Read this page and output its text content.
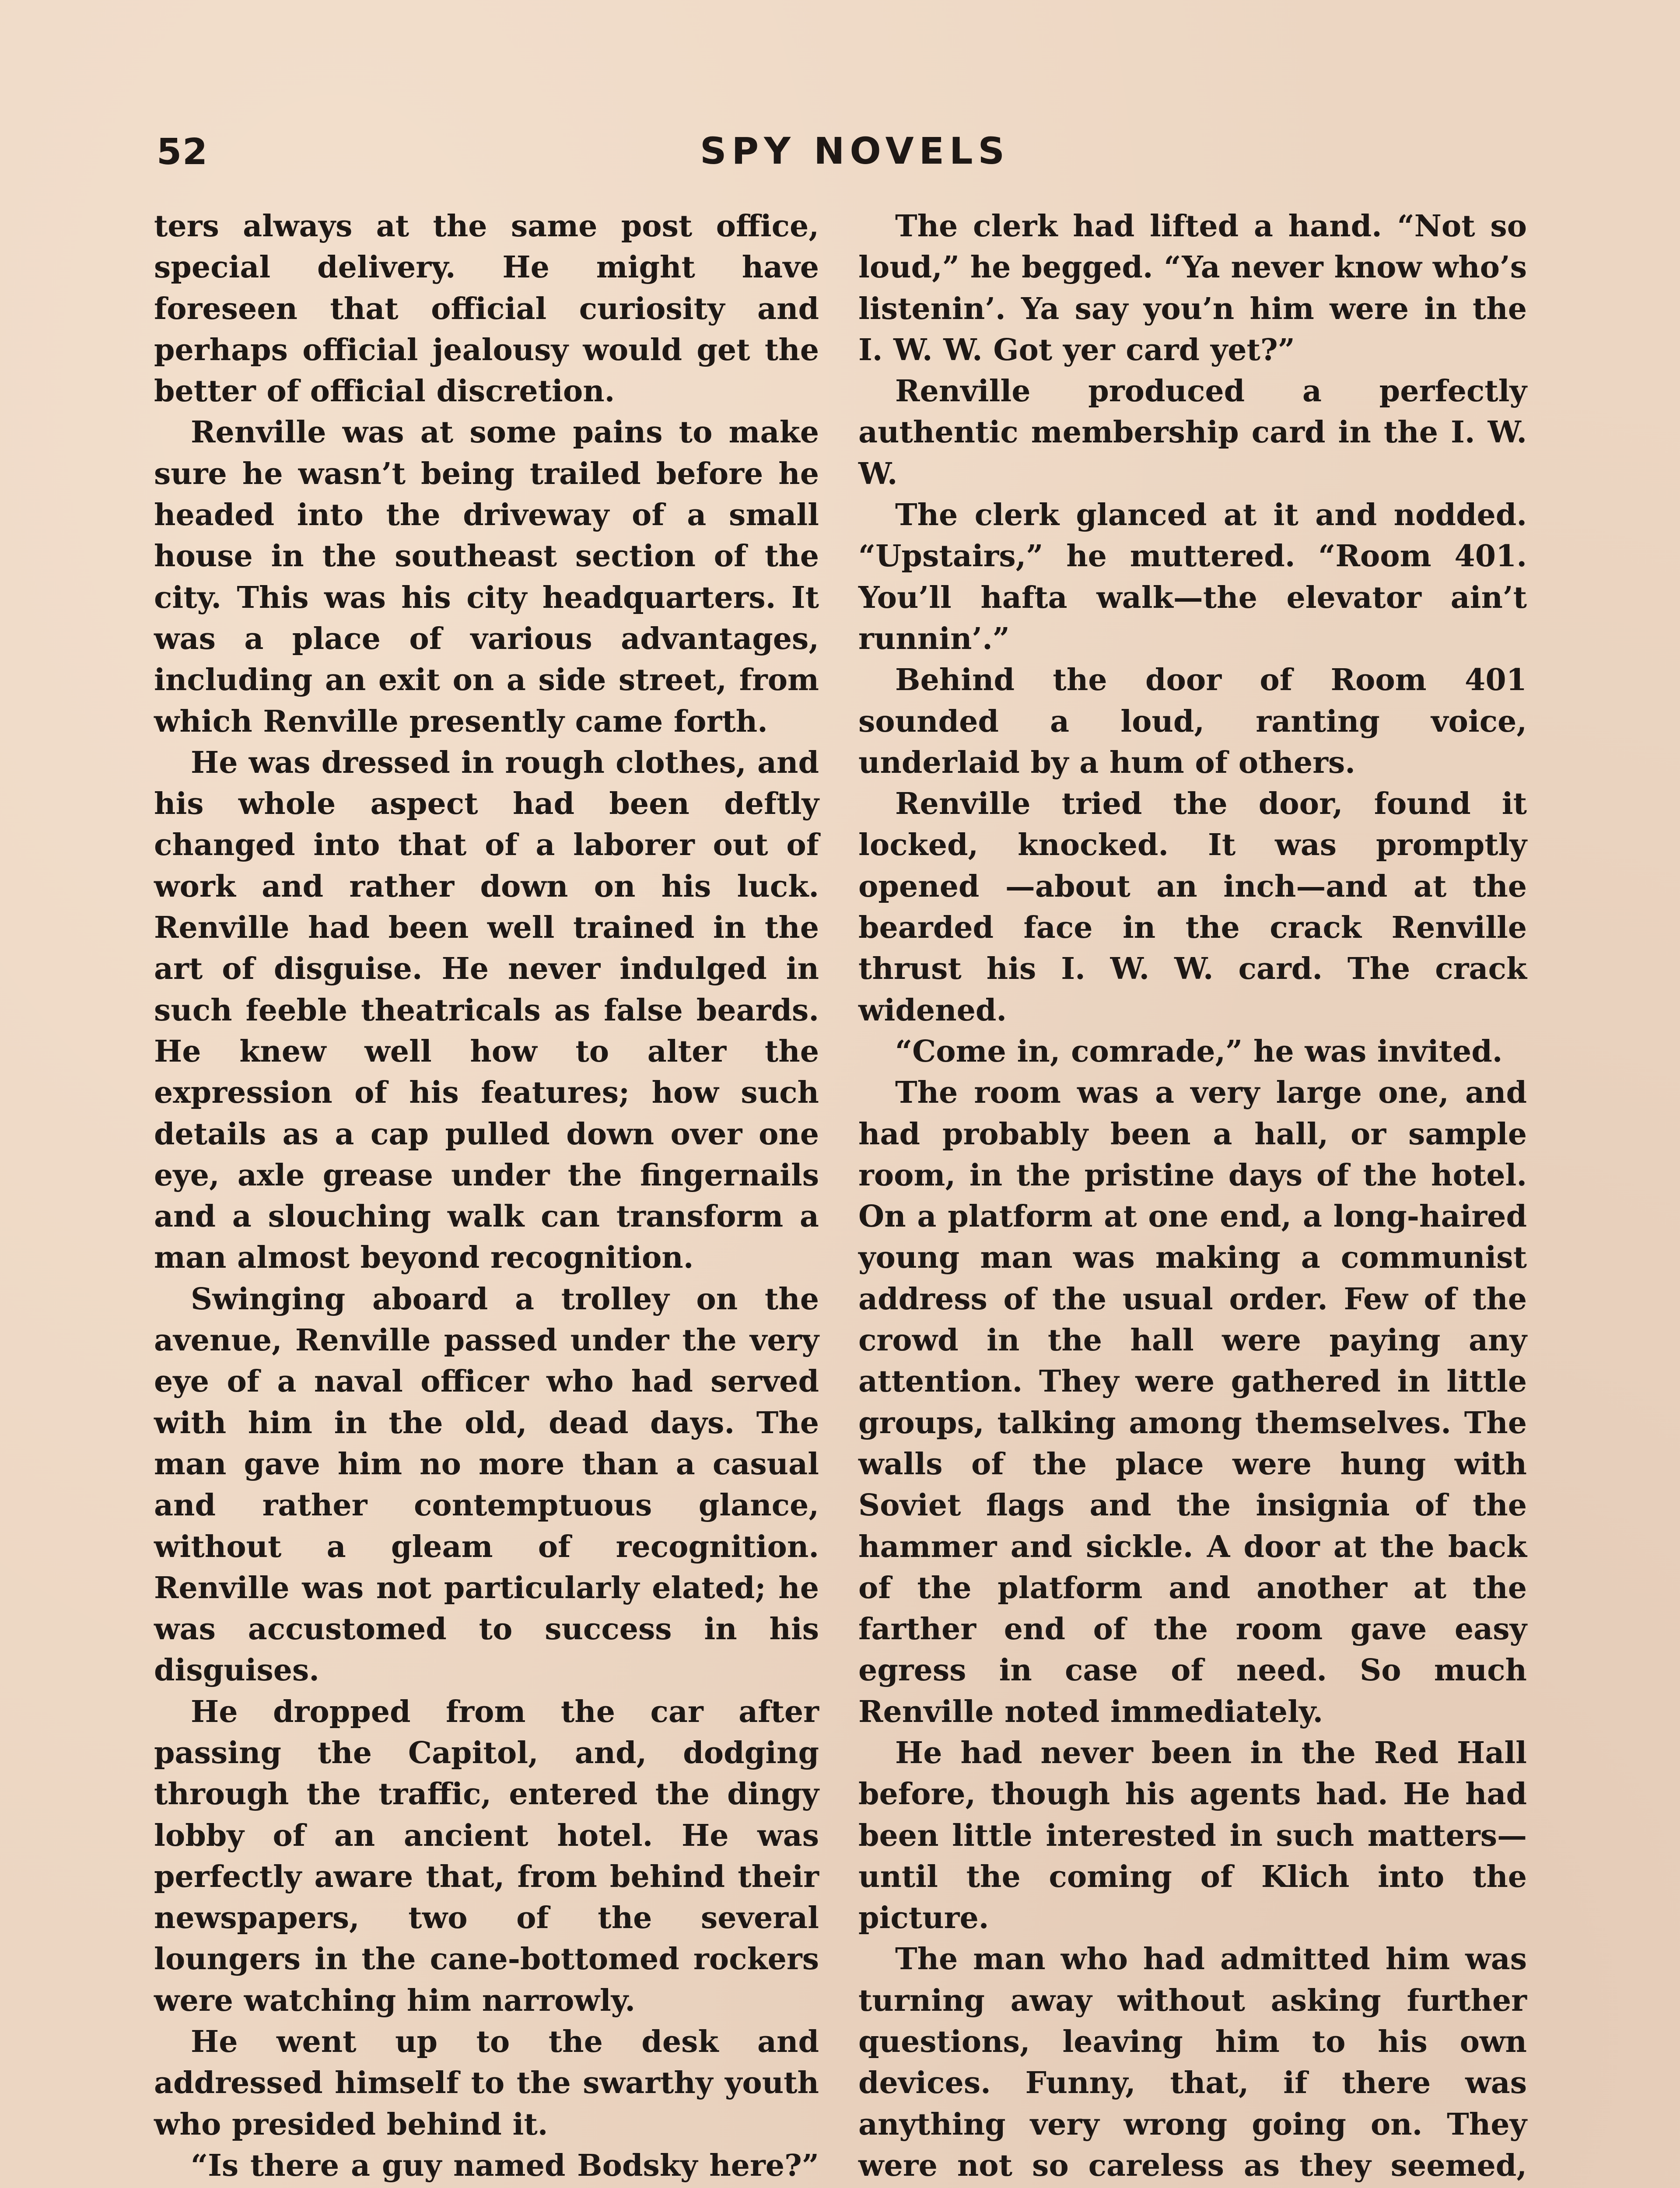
52	SPY NOVELS

ters always at the same post office, special delivery. He might have foreseen that official curiosity and perhaps official jealousy would get the better of official discretion.

Renville was at some pains to make sure he wasn’t being trailed before he headed into the driveway of a small house in the southeast section of the city. This was his city headquarters. It was a place of various advantages, including an exit on a side street, from which Renville presently came forth.

He was dressed in rough clothes, and his whole aspect had been deftly changed into that of a laborer out of work and rather down on his luck. Renville had been well trained in the art of disguise. He never indulged in such feeble theatricals as false beards. He knew well how to alter the expression of his features; how such details as a cap pulled down over one eye, axle grease under the fingernails and a slouching walk can transform a man almost beyond recognition.

Swinging aboard a trolley on the avenue, Renville passed under the very eye of a naval officer who had served with him in the old, dead days. The man gave him no more than a casual and rather contemptuous glance, without a gleam of recognition. Renville was not particularly elated; he was accustomed to success in his disguises.

He dropped from the car after passing the Capitol, and, dodging through the traffic, entered the dingy lobby of an ancient hotel. He was perfectly aware that, from behind their newspapers, two of the several loungers in the cane-bottomed rockers were watching him narrowly.

He went up to the desk and addressed himself to the swarthy youth who presided behind it.

“Is there a guy named Bodsky here?”

The clerk had lifted a hand. “Not so loud,” he begged. “Ya never know who’s listenin’. Ya say you’n him were in the I. W. W. Got yer card yet?”

Renville produced a perfectly authentic membership card in the I. W. W.

The clerk glanced at it and nodded. “Upstairs,” he muttered. “Room 401. You’ll hafta walk—the elevator ain’t runnin’.”

Behind the door of Room 401 sounded a loud, ranting voice, underlaid by a hum of others.

Renville tried the door, found it locked, knocked. It was promptly opened —about an inch—and at the bearded face in the crack Renville thrust his I. W. W. card. The crack widened.

“Come in, comrade,” he was invited.

The room was a very large one, and had probably been a hall, or sample room, in the pristine days of the hotel. On a platform at one end, a long-haired young man was making a communist address of the usual order. Few of the crowd in the hall were paying any attention. They were gathered in little groups, talking among themselves. The walls of the place were hung with Soviet flags and the insignia of the hammer and sickle. A door at the back of the platform and another at the farther end of the room gave easy egress in case of need. So much Renville noted immediately.

He had never been in the Red Hall before, though his agents had. He had been little interested in such matters—until the coming of Klich into the picture.

The man who had admitted him was turning away without asking further questions, leaving him to his own devices. Funny, that, if there was anything very wrong going on. They were not so careless as they seemed,
